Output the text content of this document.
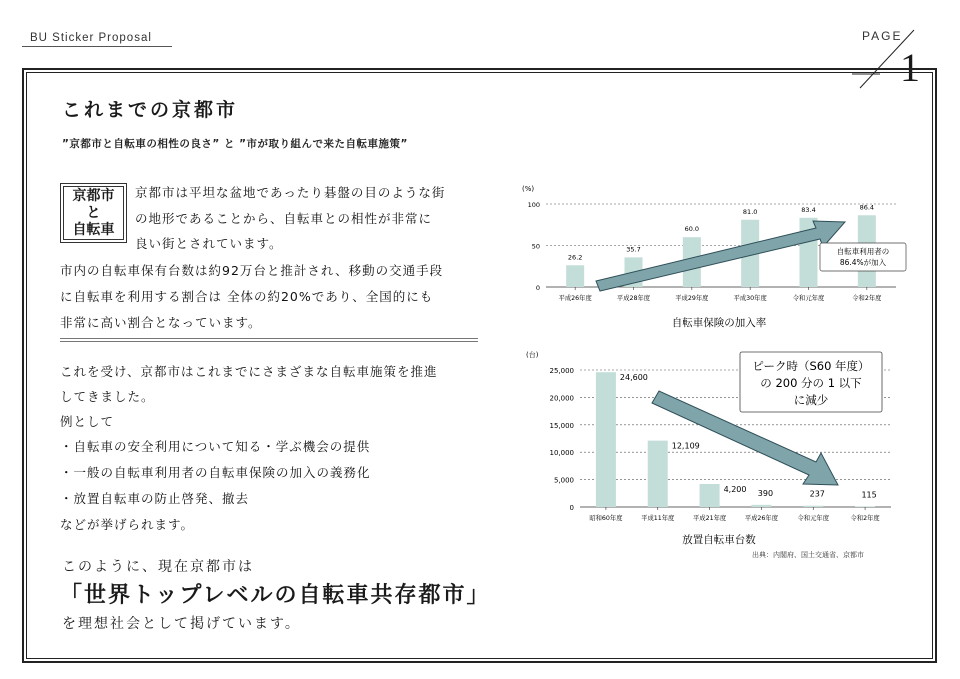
BU Sticker Proposal	PAGE
1
これまでの京都市
”京都市と自転車の相性の良さ” と ”市が取り組んで来た自転車施策”
京都市
と
自転車
京都市は平坦な盆地であったり碁盤の目のような街
の地形であることから、自転車との相性が非常に
良い街とされています。
市内の自転車保有台数は約92万台と推計され、移動の交通手段
に自転車を利用する割合は 全体の約20%であり、全国的にも
非常に高い割合となっています。
これを受け、京都市はこれまでにさまざまな自転車施策を推進
してきました。
例として
・自転車の安全利用について知る・学ぶ機会の提供
・一般の自転車利用者の自転車保険の加入の義務化
・放置自転車の防止啓発、撤去
などが挙げられます。
このように、現在京都市は
「世界トップレベルの自転車共存都市」
を理想社会として掲げています。
(%)
0
50
100
平成26年度	平成28年度	平成29年度	平成30年度	令和元年度	令和2年度
26.2
35.7
60.0
81.0	83.4	86.4
自転車利用者の
86.4%が加入
自転車保険の加入率
(台)
0
5,000
10,000
15,000
20,000
25,000
昭和60年度	平成11年度	平成21年度	平成26年度	令和元年度	令和2年度
24,600
12,109
4,200 390	237	115
ピーク時（S60 年度）
の 200 分の 1 以下
に減少
放置自転車台数
出典：内閣府、国土交通省、京都市
